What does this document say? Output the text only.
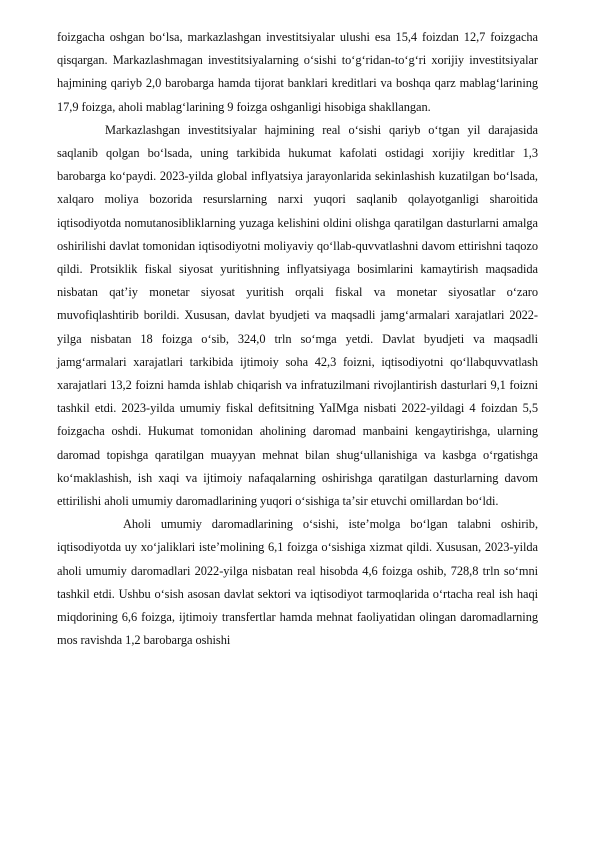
foizgacha oshgan boʻlsa, markazlashgan investitsiyalar ulushi esa 15,4 foizdan 12,7 foizgacha qisqargan. Markazlashmagan investitsiyalarning oʻsishi toʻgʻridan-toʻgʻri xorijiy investitsiyalar hajmining qariyb 2,0 barobarga hamda tijorat banklari kreditlari va boshqa qarz mablagʻlarining 17,9 foizga, aholi mablagʻlarining 9 foizga oshganligi hisobiga shakllangan.

Markazlashgan investitsiyalar hajmining real oʻsishi qariyb oʻtgan yil darajasida saqlanib qolgan boʻlsada, uning tarkibida hukumat kafolati ostidagi xorijiy kreditlar 1,3 barobarga koʻpaydi. 2023-yilda global inflyatsiya jarayonlarida sekinlashish kuzatilgan boʻlsada, xalqaro moliya bozorida resurslarning narxi yuqori saqlanib qolayotganligi sharoitida iqtisodiyotda nomutanosibliklarning yuzaga kelishini oldini olishga qaratilgan dasturlarni amalga oshirilishi davlat tomonidan iqtisodiyotni moliyaviy qoʻllab-quvvatlashni davom ettirishni taqozo qildi. Protsiklik fiskal siyosat yuritishning inflyatsiyaga bosimlarini kamaytirish maqsadida nisbatan qatʼiy monetar siyosat yuritish orqali fiskal va monetar siyosatlar oʻzaro muvofiqlashtirib borildi. Xususan, davlat byudjeti va maqsadli jamgʻarmalari xarajatlari 2022-yilga nisbatan 18 foizga oʻsib, 324,0 trln soʻmga yetdi. Davlat byudjeti va maqsadli jamgʻarmalari xarajatlari tarkibida ijtimoiy soha 42,3 foizni, iqtisodiyotni qoʻllabquvvatlash xarajatlari 13,2 foizni hamda ishlab chiqarish va infratuzilmani rivojlantirish dasturlari 9,1 foizni tashkil etdi. 2023-yilda umumiy fiskal defitsitning YaIMga nisbati 2022-yildagi 4 foizdan 5,5 foizgacha oshdi. Hukumat tomonidan aholining daromad manbaini kengaytirishga, ularning daromad topishga qaratilgan muayyan mehnat bilan shugʻullanishiga va kasbga oʻrgatishga koʻmaklashish, ish xaqi va ijtimoiy nafaqalarning oshirishga qaratilgan dasturlarning davom ettirilishi aholi umumiy daromadlarining yuqori oʻsishiga taʼsir etuvchi omillardan boʻldi.

Aholi umumiy daromadlarining o‘sishi, iste’molga bo‘lgan talabni oshirib, iqtisodiyotda uy xo‘jaliklari iste’molining 6,1 foizga o‘sishiga xizmat qildi. Xususan, 2023-yilda aholi umumiy daromadlari 2022-yilga nisbatan real hisobda 4,6 foizga oshib, 728,8 trln soʻmni tashkil etdi. Ushbu oʻsish asosan davlat sektori va iqtisodiyot tarmoqlarida oʻrtacha real ish haqi miqdorining 6,6 foizga, ijtimoiy transfertlar hamda mehnat faoliyatidan olingan daromadlarning mos ravishda 1,2 barobarga oshishi
